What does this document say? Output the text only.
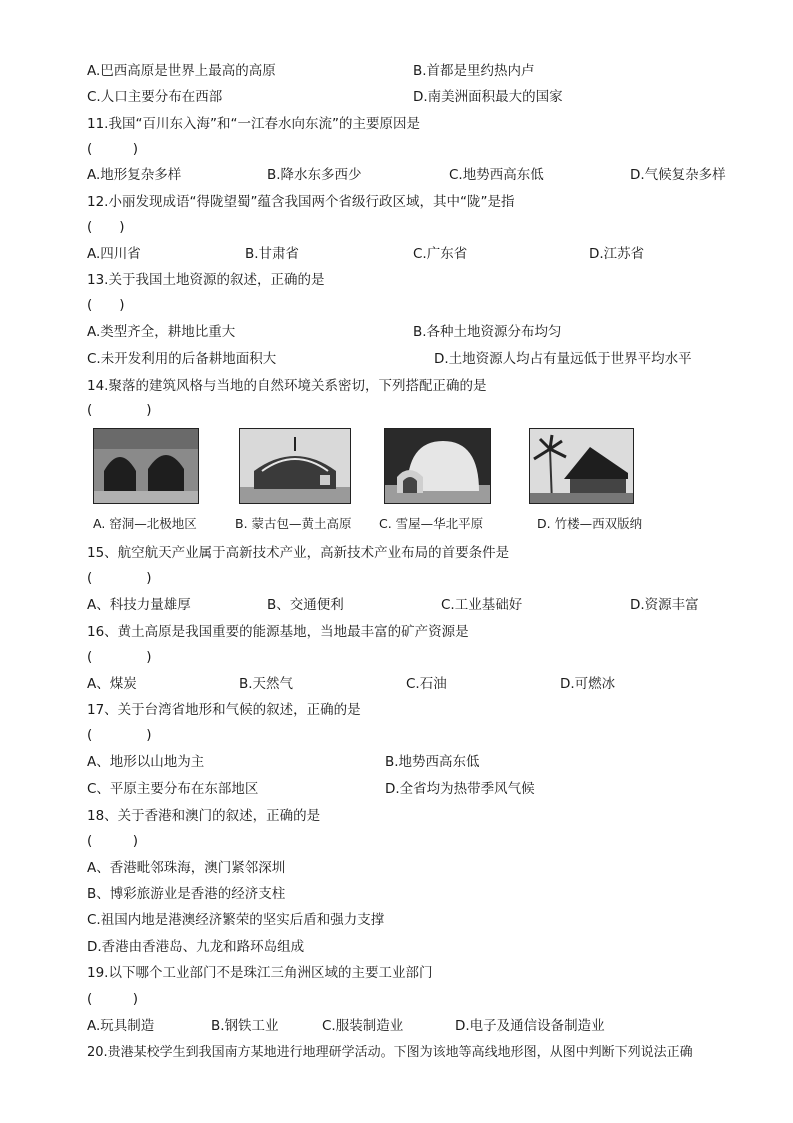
A.巴西高原是世界上最高的高原	B.首都是里约热内卢
C.人口主要分布在西部	D.南美洲面积最大的国家
11.我国“百川东入海”和“一江春水向东流”的主要原因是
(　　　)
A.地形复杂多样	B.降水东多西少	C.地势西高东低	D.气候复杂多样
12.小丽发现成语“得陇望蜀”蕴含我国两个省级行政区域，其中“陇”是指
(　　)
A.四川省	B.甘肃省	C.广东省	D.江苏省
13.关于我国土地资源的叙述，正确的是
(　　)
A.类型齐全，耕地比重大	B.各种土地资源分布均匀
C.未开发利用的后备耕地面积大	D.土地资源人均占有量远低于世界平均水平
14.聚落的建筑风格与当地的自然环境关系密切，下列搭配正确的是
(　　　　)
A. 窑洞—北极地区	B. 蒙古包—黄土高原 C. 雪屋—华北平原	D. 竹楼—西双版纳
15、航空航天产业属于高新技术产业，高新技术产业布局的首要条件是
(　　　　)
A、科技力量雄厚	B、交通便利	C.工业基础好	D.资源丰富
16、黄土高原是我国重要的能源基地，当地最丰富的矿产资源是
(　　　　)
A、煤炭	B.天然气	C.石油	D.可燃冰
17、关于台湾省地形和气候的叙述，正确的是
(　　　　)
A、地形以山地为主	B.地势西高东低
C、平原主要分布在东部地区	D.全省均为热带季风气候
18、关于香港和澳门的叙述，正确的是
(　　　)
A、香港毗邻珠海，澳门紧邻深圳
B、博彩旅游业是香港的经济支柱
C.祖国内地是港澳经济繁荣的坚实后盾和强力支撑
D.香港由香港岛、九龙和路环岛组成
19.以下哪个工业部门不是珠江三角洲区域的主要工业部门
(　　　)
A.玩具制造	B.钢铁工业	C.服装制造业	D.电子及通信设备制造业
20.贵港某校学生到我国南方某地进行地理研学活动。下图为该地等高线地形图，从图中判断下列说法正确
